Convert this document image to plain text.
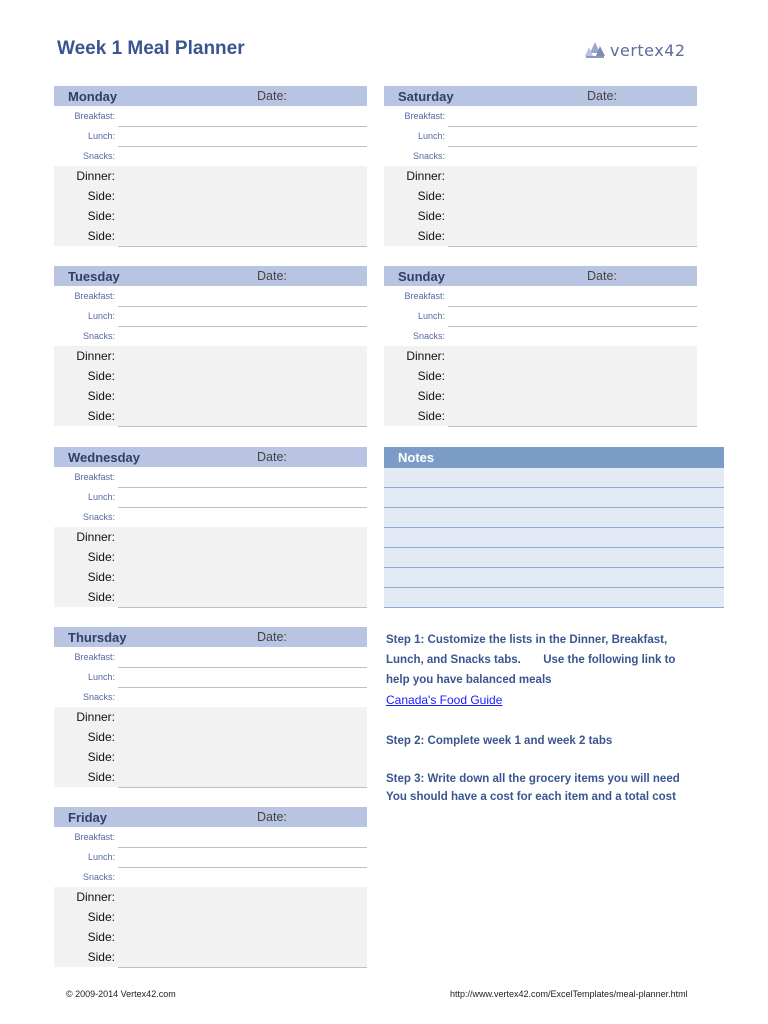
Week 1 Meal Planner	vertex42
Monday	Date:
Breakfast:
Lunch:
Snacks:
Dinner:
Side:
Side:
Side:
Tuesday	Date:
Breakfast:
Lunch:
Snacks:
Dinner:
Side:
Side:
Side:
Wednesday	Date:
Breakfast:
Lunch:
Snacks:
Dinner:
Side:
Side:
Side:
Thursday	Date:
Breakfast:
Lunch:
Snacks:
Dinner:
Side:
Side:
Side:
Friday	Date:
Breakfast:
Lunch:
Snacks:
Dinner:
Side:
Side:
Side:
Saturday	Date:
Breakfast:
Lunch:
Snacks:
Dinner:
Side:
Side:
Side:
Sunday	Date:
Breakfast:
Lunch:
Snacks:
Dinner:
Side:
Side:
Side:
Notes
Step 1: Customize the lists in the Dinner, Breakfast,
Lunch, and Snacks tabs.       Use the following link to
help you have balanced meals
Canada's Food Guide
Step 2: Complete week 1 and week 2 tabs
Step 3: Write down all the grocery items you will need
You should have a cost for each item and a total cost
© 2009-2014 Vertex42.com	http://www.vertex42.com/ExcelTemplates/meal-planner.html
